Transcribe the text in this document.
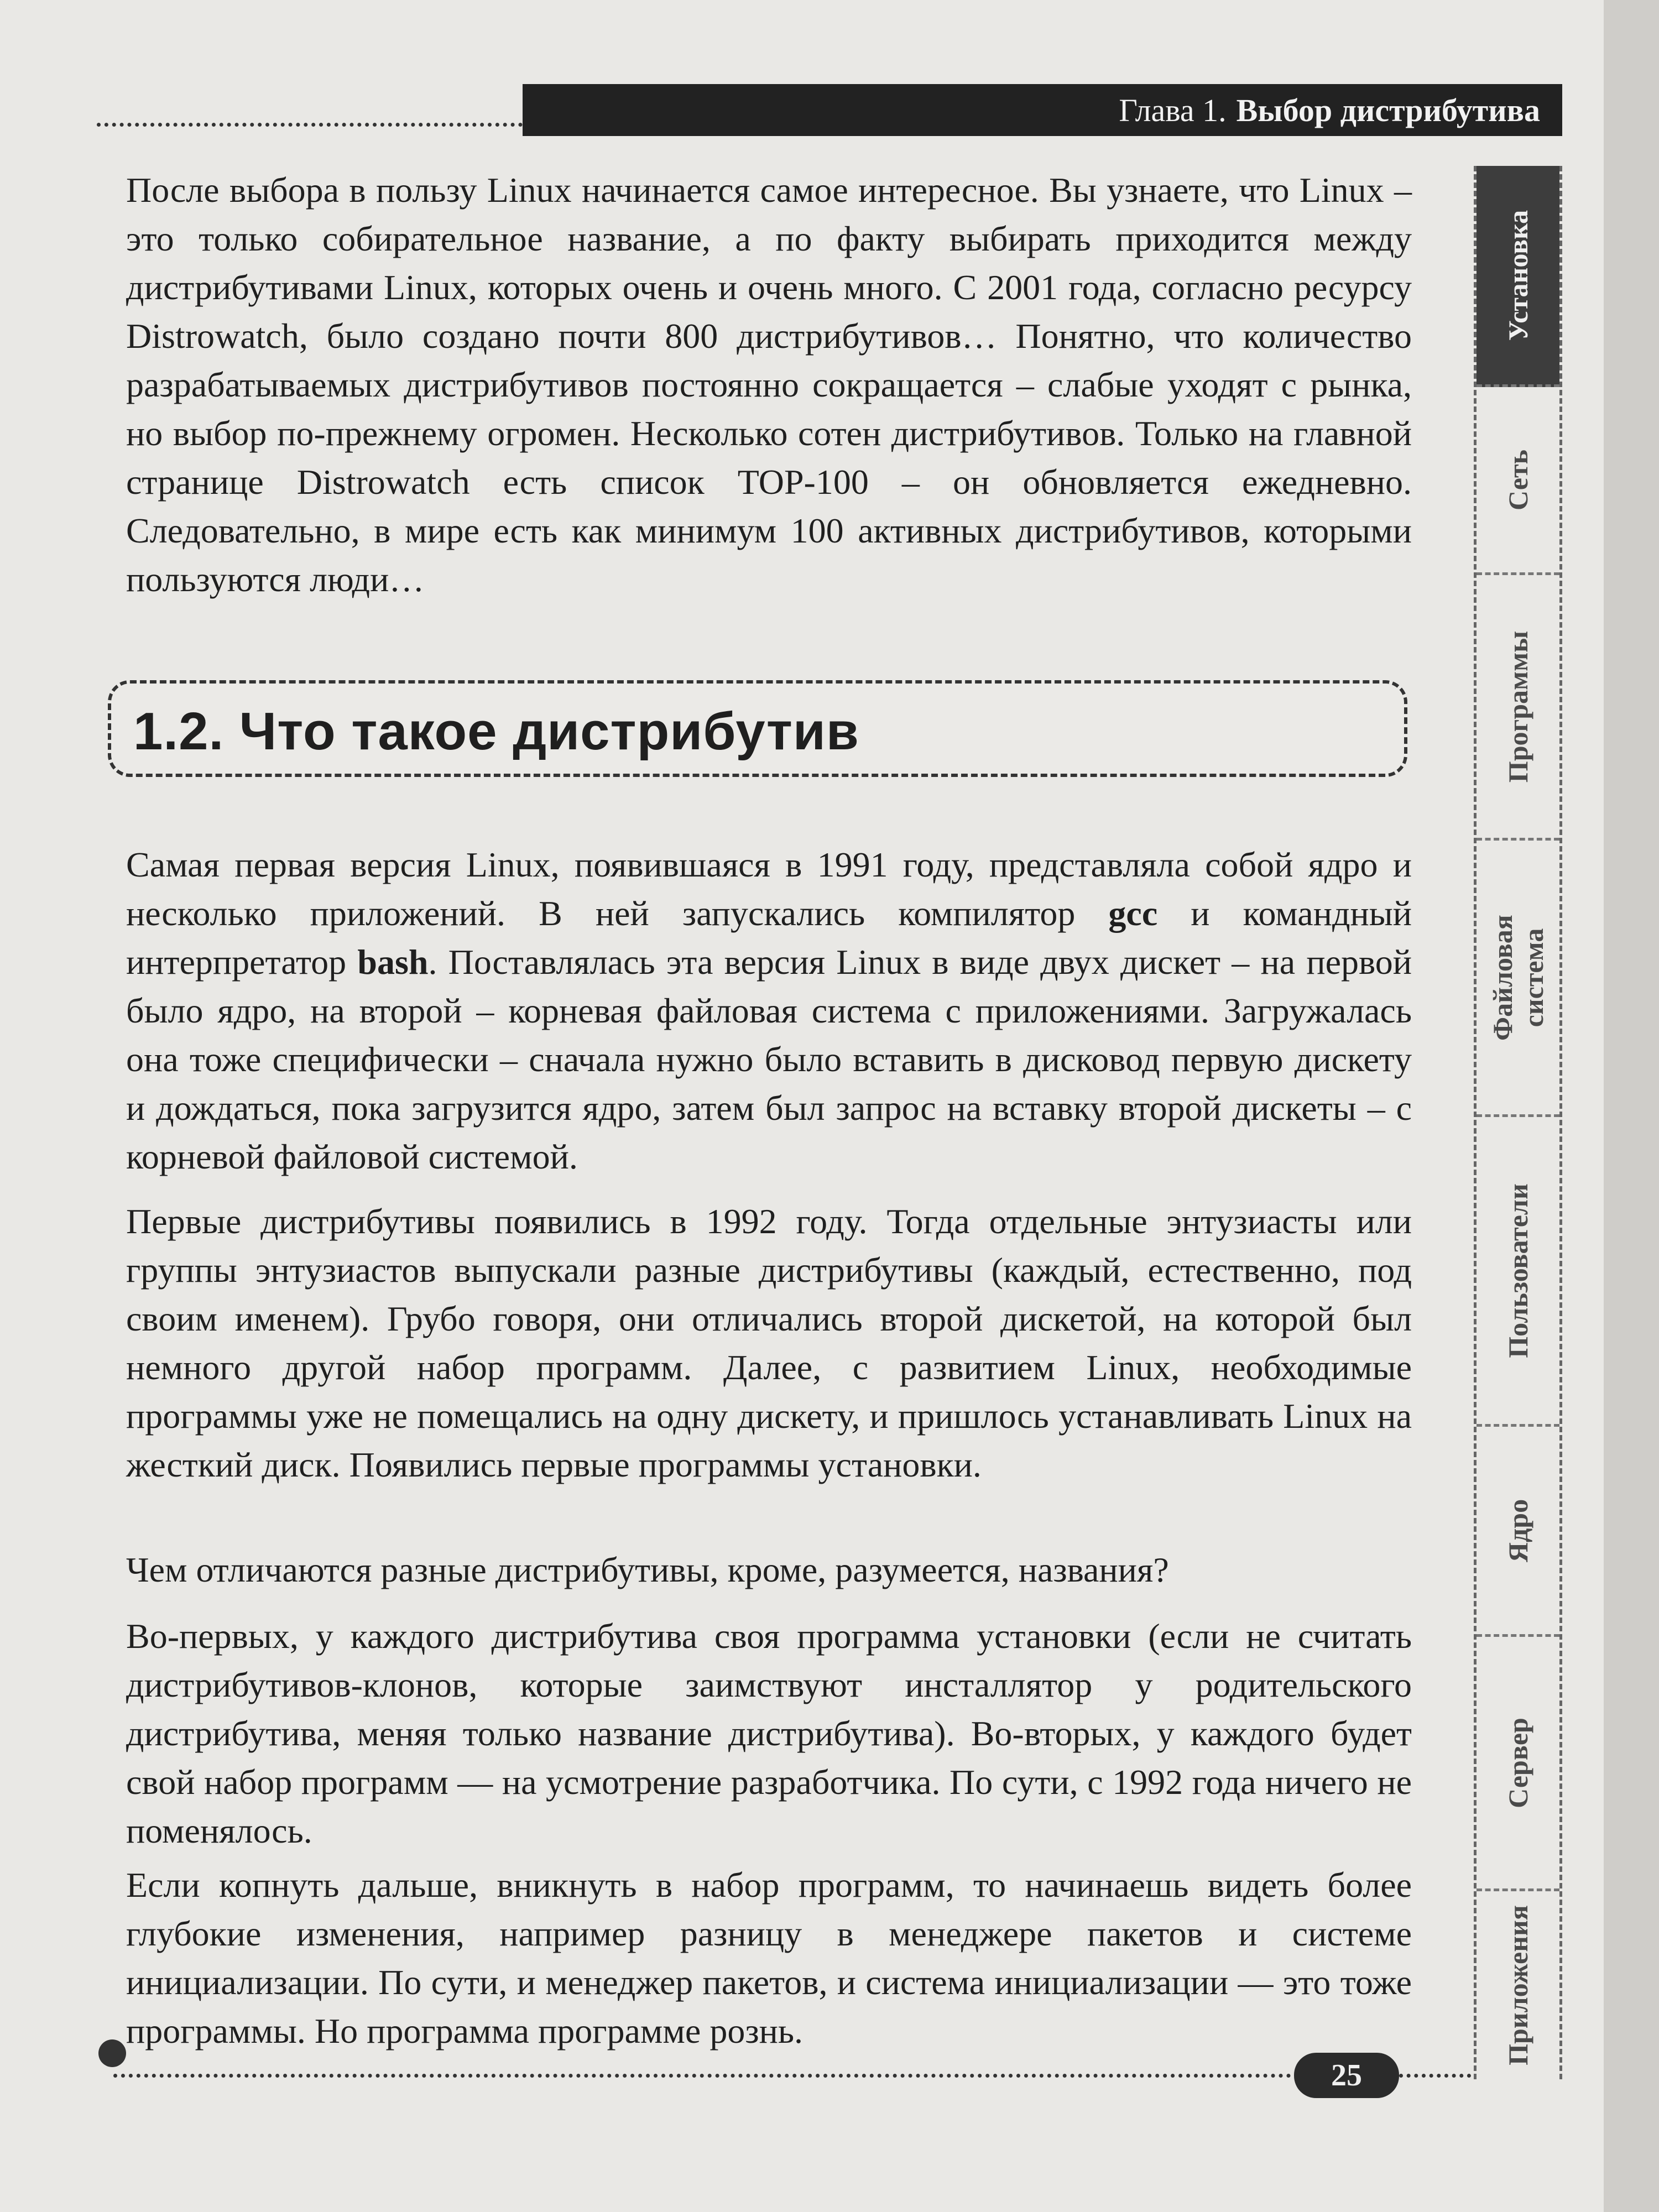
Глава 1. Выбор дистрибутива

После выбора в пользу Linux начинается самое интересное. Вы узнаете, что Linux – это только собирательное название, а по факту выбирать приходится между дистрибутивами Linux, которых очень и очень много. С 2001 года, согласно ресурсу Distrowatch, было создано почти 800 дистрибутивов… Понятно, что количество разрабатываемых дистрибутивов постоянно сокращается – слабые уходят с рынка, но выбор по-прежнему огромен. Несколько сотен дистрибутивов. Только на главной странице Distrowatch есть список TOP-100 – он обновляется ежедневно. Следовательно, в мире есть как минимум 100 активных дистрибутивов, которыми пользуются люди…

1.2. Что такое дистрибутив

Самая первая версия Linux, появившаяся в 1991 году, представляла собой ядро и несколько приложений. В ней запускались компилятор gcc и командный интерпретатор bash. Поставлялась эта версия Linux в виде двух дискет – на первой было ядро, на второй – корневая файловая система с приложениями. Загружалась она тоже специфически – сначала нужно было вставить в дисковод первую дискету и дождаться, пока загрузится ядро, затем был запрос на вставку второй дискеты – с корневой файловой системой.

Первые дистрибутивы появились в 1992 году. Тогда отдельные энтузиасты или группы энтузиастов выпускали разные дистрибутивы (каждый, естественно, под своим именем). Грубо говоря, они отличались второй дискетой, на которой был немного другой набор программ. Далее, с развитием Linux, необходимые программы уже не помещались на одну дискету, и пришлось устанавливать Linux на жесткий диск. Появились первые программы установки.

Чем отличаются разные дистрибутивы, кроме, разумеется, названия?

Во-первых, у каждого дистрибутива своя программа установки (если не считать дистрибутивов-клонов, которые заимствуют инсталлятор у родительского дистрибутива, меняя только название дистрибутива). Во-вторых, у каждого будет свой набор программ — на усмотрение разработчика. По сути, с 1992 года ничего не поменялось.

Если копнуть дальше, вникнуть в набор программ, то начинаешь видеть более глубокие изменения, например разницу в менеджере пакетов и системе инициализации. По сути, и менеджер пакетов, и система инициализации — это тоже программы. Но программа программе рознь.

Установка
Сеть
Программы
Файловая
система
Пользователи
Ядро
Сервер
Приложения
25
